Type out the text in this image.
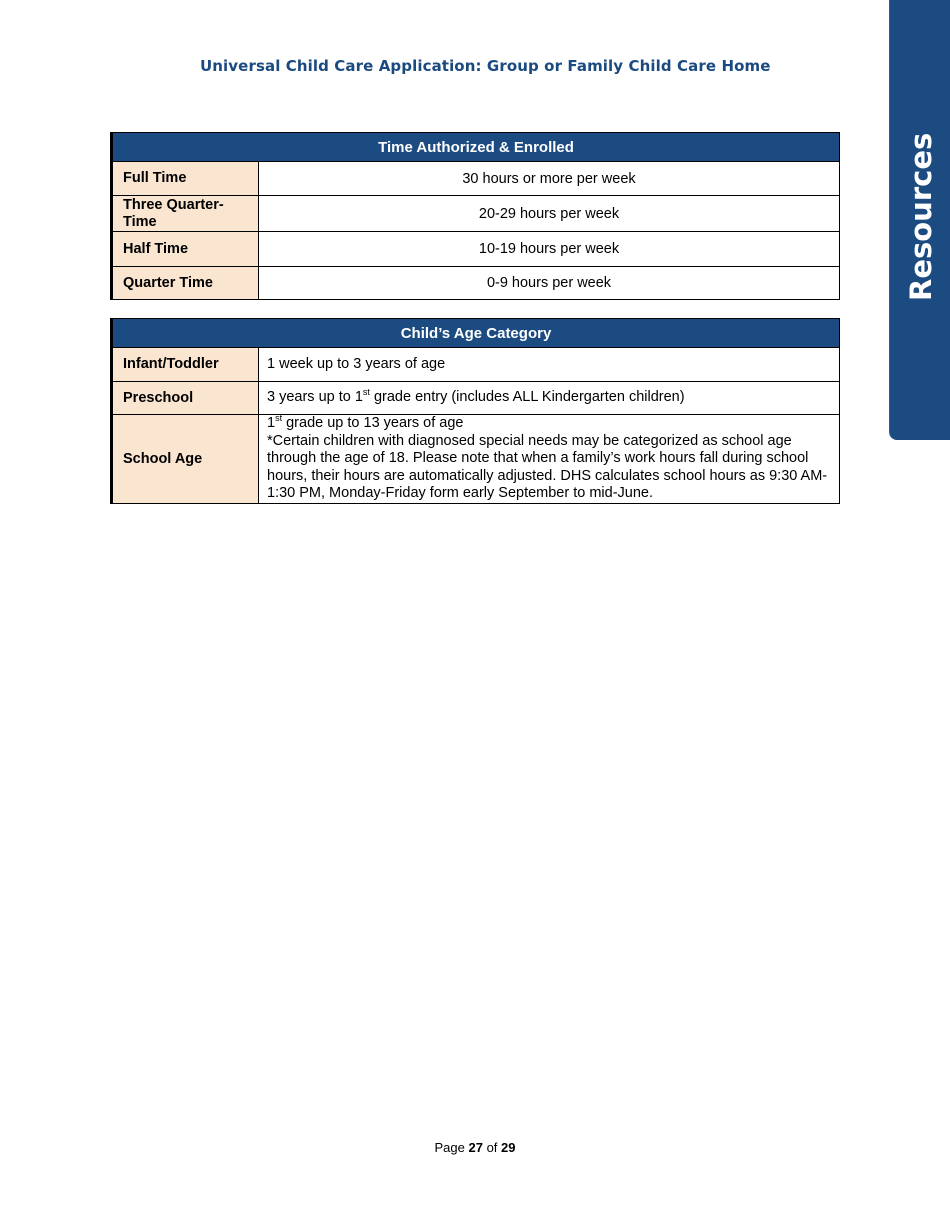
Universal Child Care Application: Group or Family Child Care Home
Resources
Time Authorized & Enrolled	
Full Time	30 hours or more per week
Three Quarter-Time	20-29 hours per week
Half Time	10-19 hours per week
Quarter Time	0-9 hours per week
Child’s Age Category	
Infant/Toddler	1 week up to 3 years of age
Preschool	3 years up to 1st grade entry (includes ALL Kindergarten children)
School Age	1st grade up to 13 years of age
*Certain children with diagnosed special needs may be categorized as school age through the age of 18. Please note that when a family’s work hours fall during school hours, their hours are automatically adjusted. DHS calculates school hours as 9:30 AM-1:30 PM, Monday-Friday form early September to mid-June.
Page 27 of 29
